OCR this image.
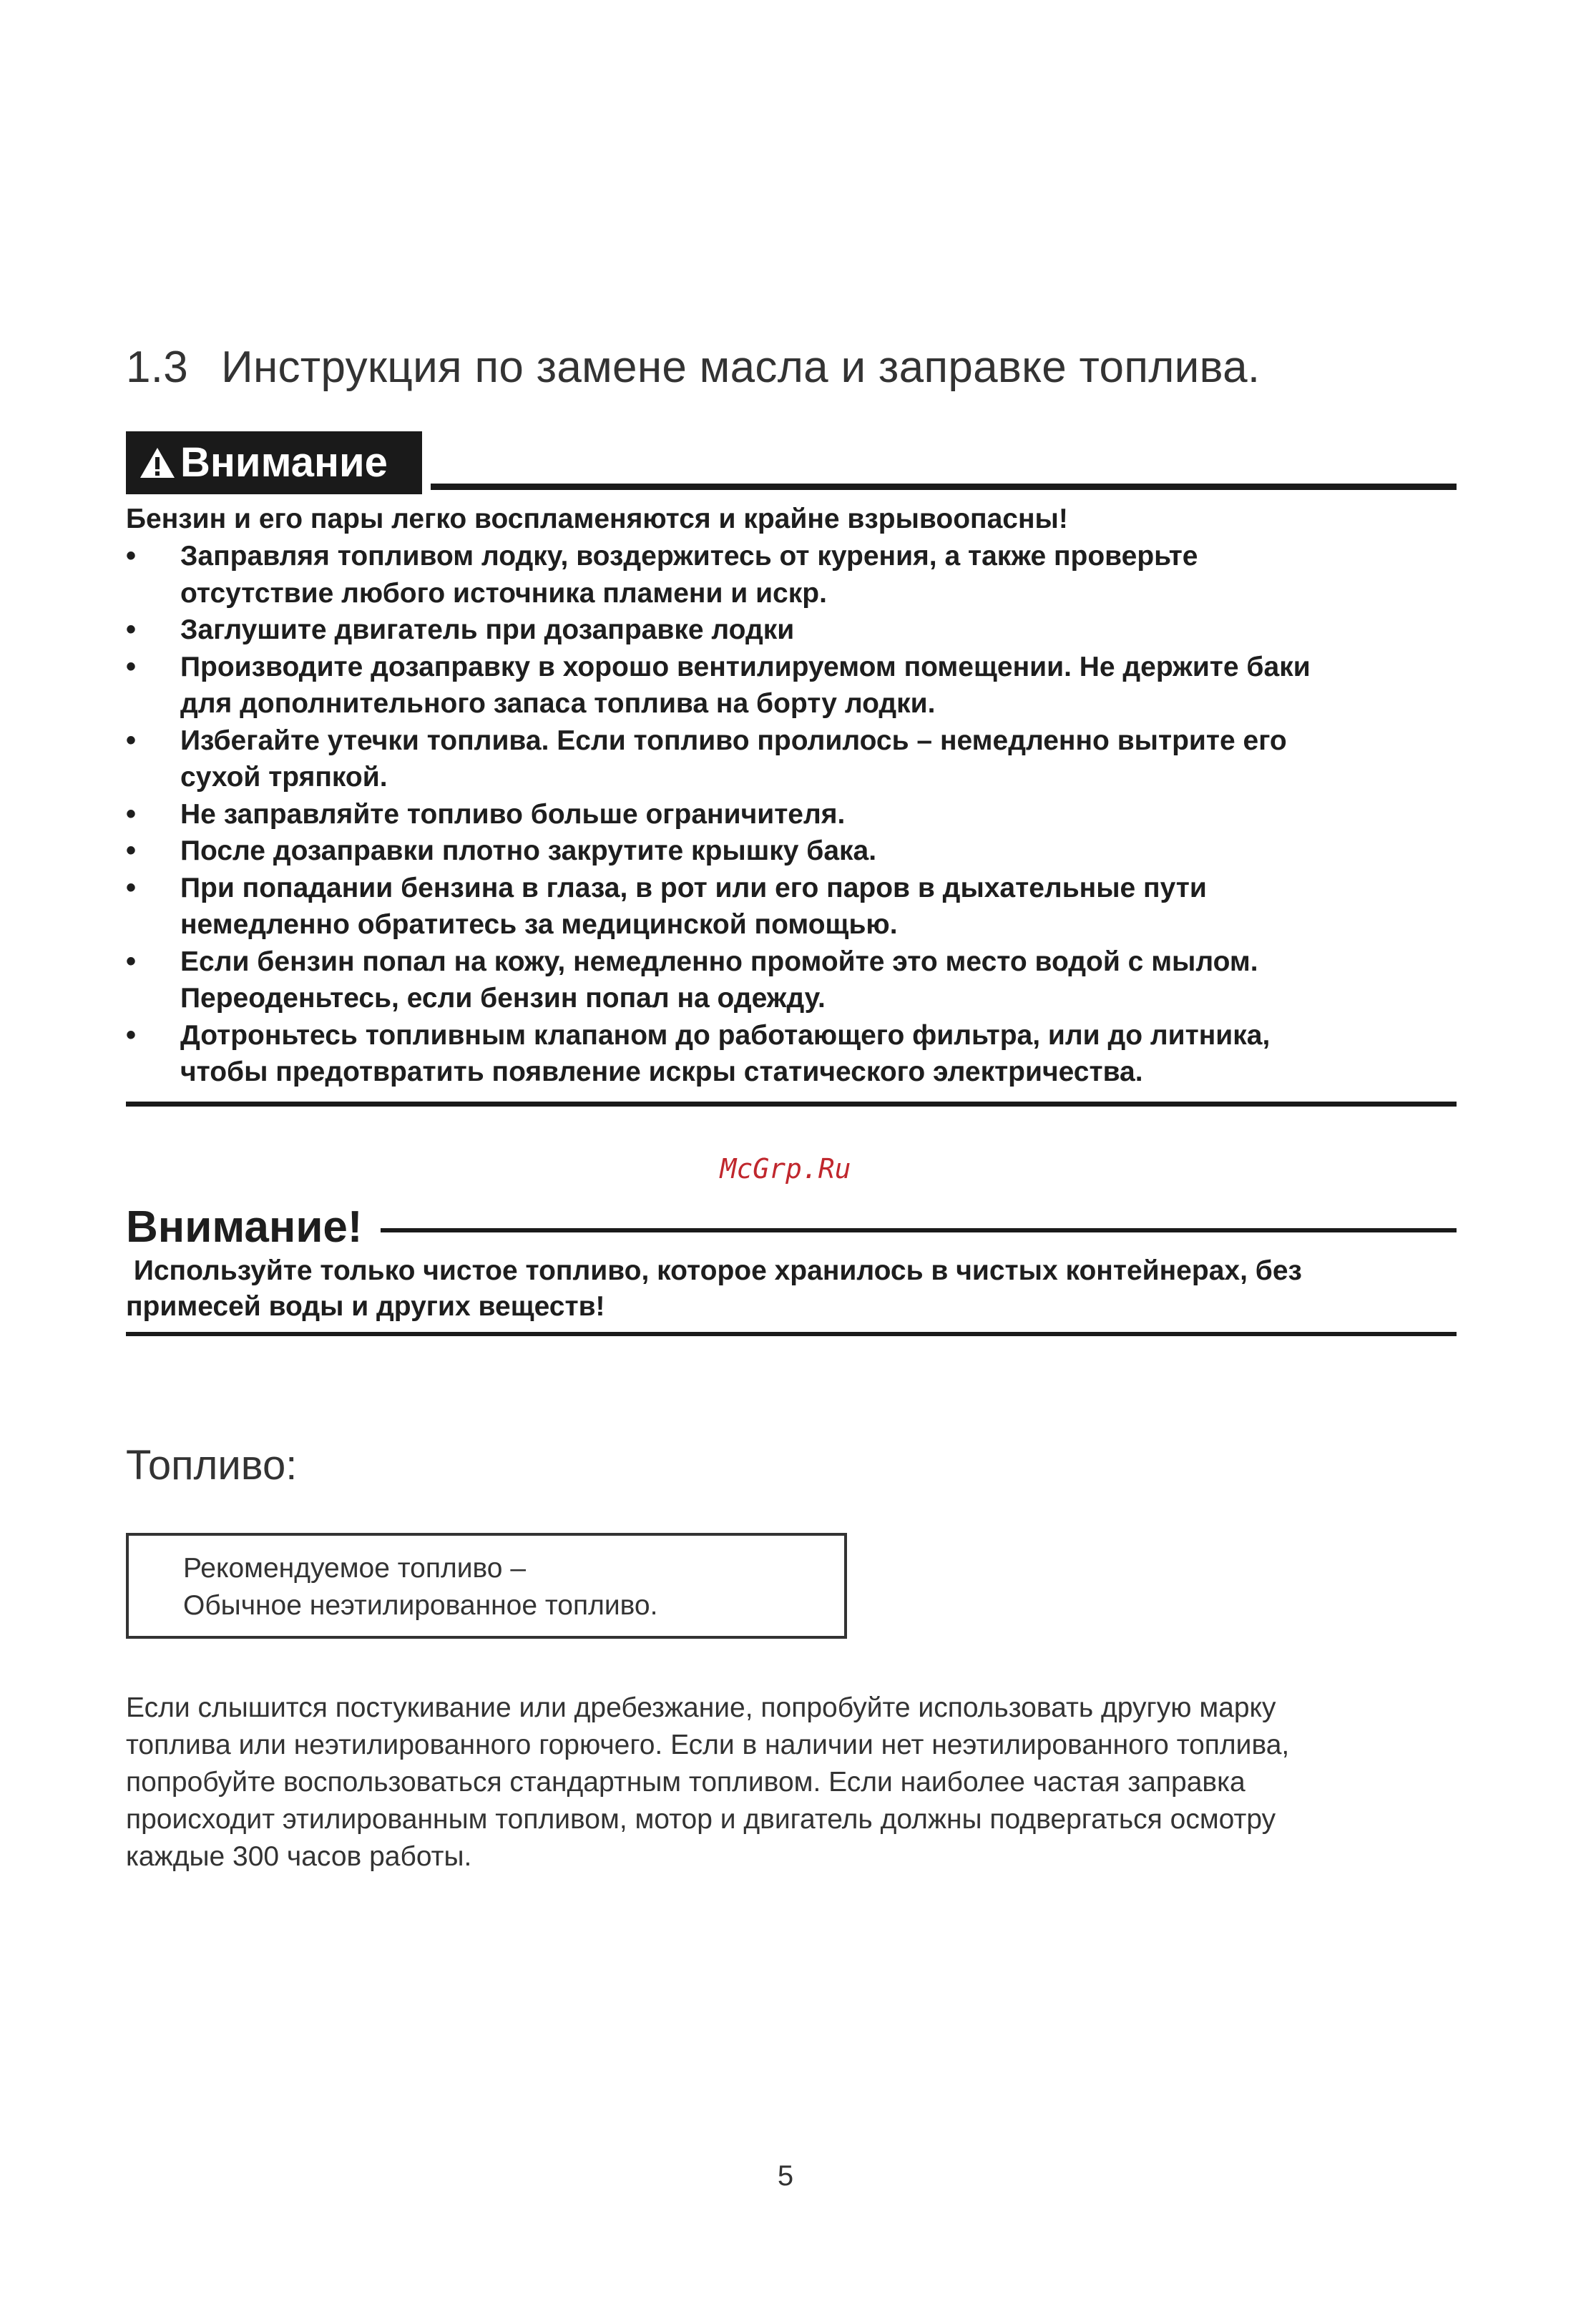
1.3 Инструкция по замене масла и заправке топлива.
Внимание
Бензин и его пары легко воспламеняются и крайне взрывоопасны!
• Заправляя топливом лодку, воздержитесь от курения, а также проверьте
отсутствие любого источника пламени и искр.
• Заглушите двигатель при дозаправке лодки
• Производите дозаправку в хорошо вентилируемом помещении. Не держите баки
для дополнительного запаса топлива на борту лодки.
• Избегайте утечки топлива. Если топливо пролилось – немедленно вытрите его
сухой тряпкой.
• Не заправляйте топливо больше ограничителя.
• После дозаправки плотно закрутите крышку бака.
• При попадании бензина в глаза, в рот или его паров в дыхательные пути
немедленно обратитесь за медицинской помощью.
• Если бензин попал на кожу, немедленно промойте это место водой с мылом.
Переоденьтесь, если бензин попал на одежду.
• Дотроньтесь топливным клапаном до работающего фильтра, или до литника,
чтобы предотвратить появление искры статического электричества.
McGrp.Ru
Внимание!
Используйте только чистое топливо, которое хранилось в чистых контейнерах, без
примесей воды и других веществ!
Топливо:
Рекомендуемое топливо –
Обычное неэтилированное топливо.
Если слышится постукивание или дребезжание, попробуйте использовать другую марку
топлива или неэтилированного горючего. Если в наличии нет неэтилированного топлива,
попробуйте воспользоваться стандартным топливом. Если наиболее частая заправка
происходит этилированным топливом, мотор и двигатель должны подвергаться осмотру
каждые 300 часов работы.
5
